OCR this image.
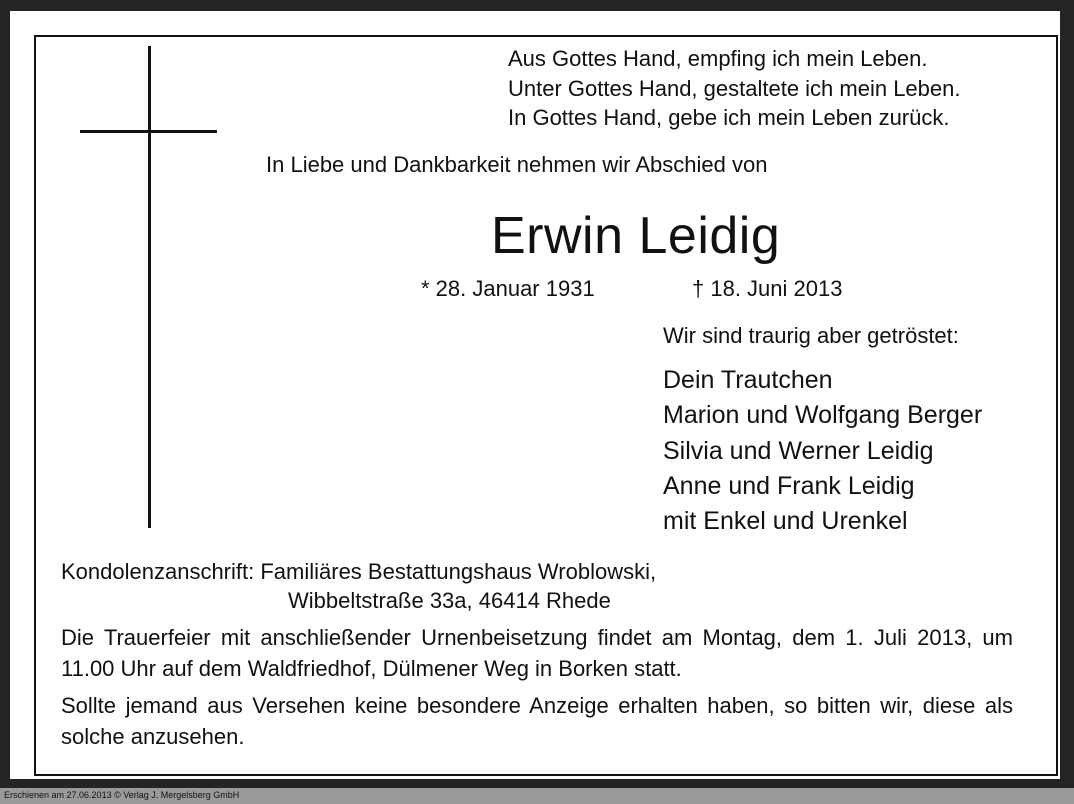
Aus Gottes Hand, empfing ich mein Leben.
Unter Gottes Hand, gestaltete ich mein Leben.
In Gottes Hand, gebe ich mein Leben zurück.
In Liebe und Dankbarkeit nehmen wir Abschied von
Erwin Leidig
* 28. Januar 1931	† 18. Juni 2013
Wir sind traurig aber getröstet:
Dein Trautchen
Marion und Wolfgang Berger
Silvia und Werner Leidig
Anne und Frank Leidig
mit Enkel und Urenkel
Kondolenzanschrift: Familiäres Bestattungshaus Wroblowski,
Wibbeltstraße 33a, 46414 Rhede
Die Trauerfeier mit anschließender Urnenbeisetzung findet am Montag, dem 1. Juli 2013, um 11.00 Uhr auf dem Waldfriedhof, Dülmener Weg in Borken statt.
Sollte jemand aus Versehen keine besondere Anzeige erhalten haben, so bitten wir, diese als solche anzusehen.
Erschienen am 27.06.2013 © Verlag J. Mergelsberg GmbH
